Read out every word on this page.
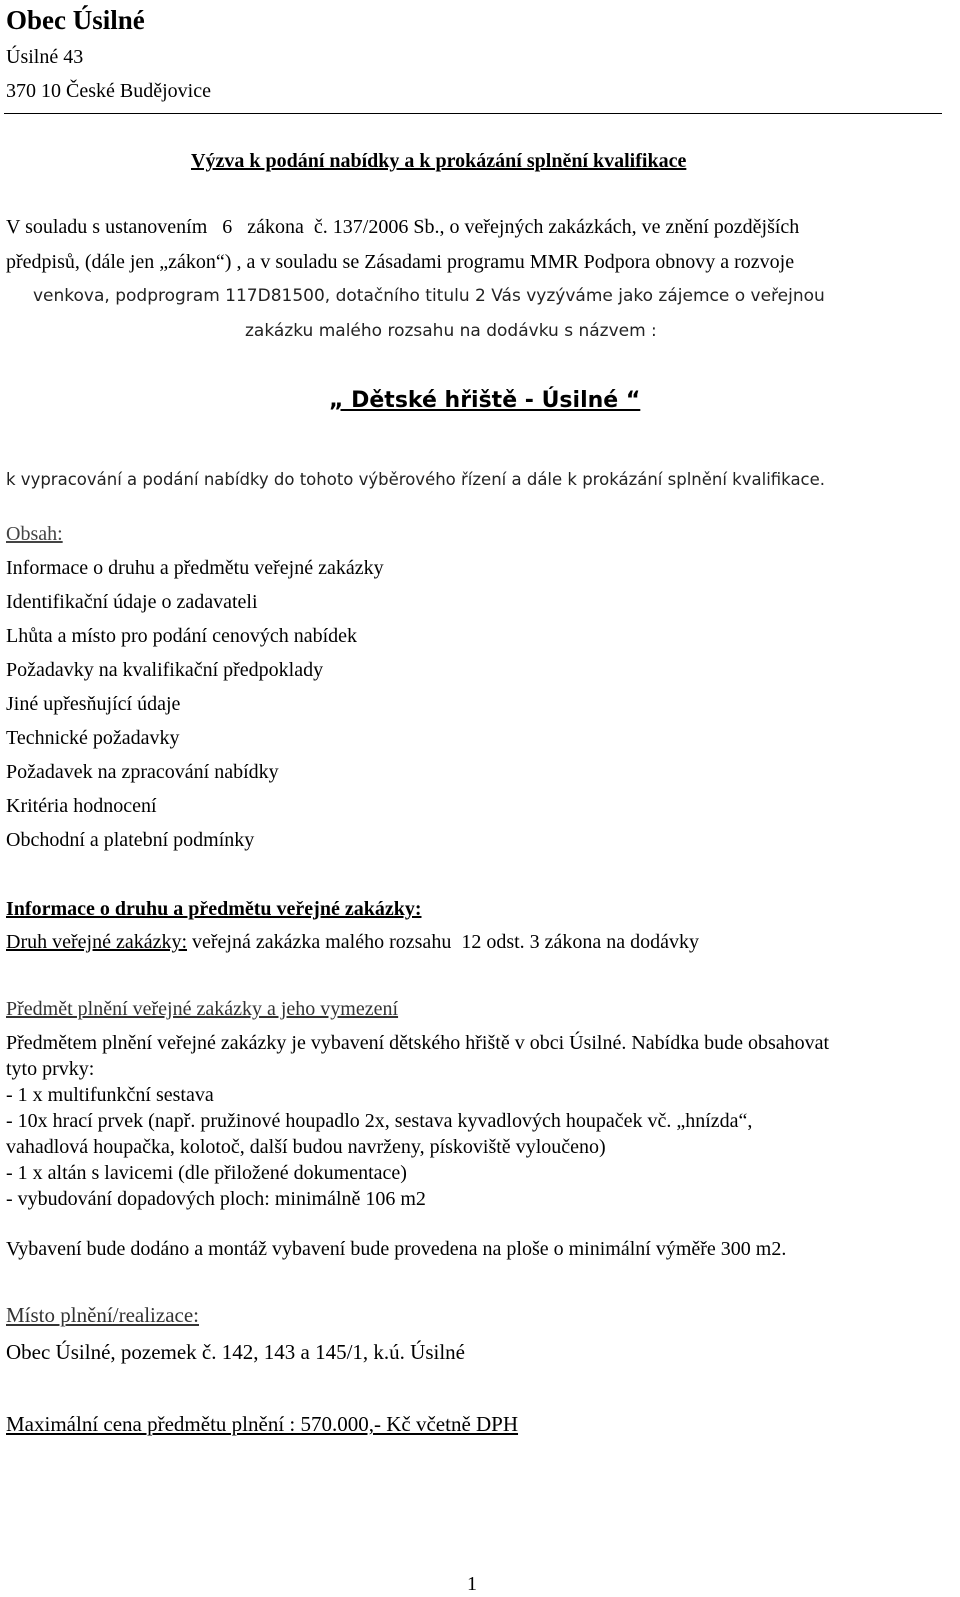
Obec Úsilné
Úsilné 43
370 10 České Budějovice
Výzva k podání nabídky a k prokázání splnění kvalifikace
V souladu s ustanovením   6   zákona  č. 137/2006 Sb., o veřejných zakázkách, ve znění pozdějších
předpisů, (dále jen „zákon“) , a v souladu se Zásadami programu MMR Podpora obnovy a rozvoje
venkova, podprogram 117D81500, dotačního titulu 2 Vás vyzýváme jako zájemce o veřejnou
zakázku malého rozsahu na dodávku s názvem :
„ Dětské hřiště - Úsilné “
k vypracování a podání nabídky do tohoto výběrového řízení a dále k prokázání splnění kvalifikace.
Obsah:
Informace o druhu a předmětu veřejné zakázky
Identifikační údaje o zadavateli
Lhůta a místo pro podání cenových nabídek
Požadavky na kvalifikační předpoklady
Jiné upřesňující údaje
Technické požadavky
Požadavek na zpracování nabídky
Kritéria hodnocení
Obchodní a platební podmínky
Informace o druhu a předmětu veřejné zakázky:
Druh veřejné zakázky: veřejná zakázka malého rozsahu  12 odst. 3 zákona na dodávky
Předmět plnění veřejné zakázky a jeho vymezení
Předmětem plnění veřejné zakázky je vybavení dětského hřiště v obci Úsilné. Nabídka bude obsahovat
tyto prvky:
- 1 x multifunkční sestava
- 10x hrací prvek (např. pružinové houpadlo 2x, sestava kyvadlových houpaček vč. „hnízda“,
vahadlová houpačka, kolotoč, další budou navrženy, pískoviště vyloučeno)
- 1 x altán s lavicemi (dle přiložené dokumentace)
- vybudování dopadových ploch: minimálně 106 m2
Vybavení bude dodáno a montáž vybavení bude provedena na ploše o minimální výměře 300 m2.
Místo plnění/realizace:
Obec Úsilné, pozemek č. 142, 143 a 145/1, k.ú. Úsilné
Maximální cena předmětu plnění : 570.000,- Kč včetně DPH
1
